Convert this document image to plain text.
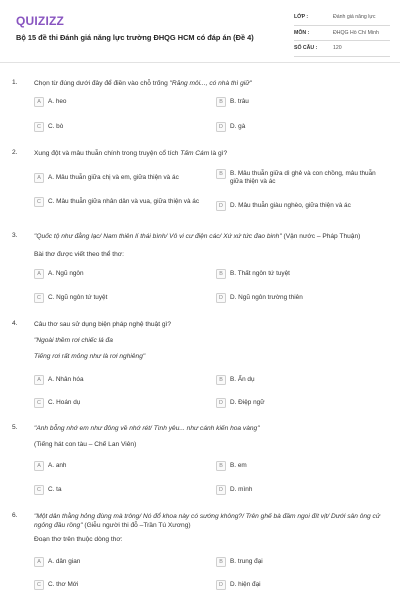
QUIZIZZ
Bộ 15 đề thi Đánh giá năng lực trường ĐHQG HCM có đáp án (Đề 4)
LỚP :	Đánh giá năng lực
MÔN :	ĐHQG Hồ Chí Minh
SỐ CÂU :	120
1.	Chọn từ đúng dưới đây để điền vào chỗ trống "Răng môi..., có nhà thì giữ"
A	A. heo	B	B. trâu
C	C. bò	D	D. gà
2.	Xung đột và mâu thuẫn chính trong truyện cổ tích Tấm Cám là gì?
A	A. Mâu thuẫn giữa chị và em, giữa thiện và ác	B	B. Mâu thuẫn giữa dì ghẻ và con chồng, mâu thuẫn giữa thiện và ác
C	C. Mâu thuẫn giữa nhân dân và vua, giữa thiện và ác
D	D. Mâu thuẫn giàu nghèo, giữa thiện và ác
3.	"Quốc tộ như đằng lạc/ Nam thiên lí thái bình/ Vô vi cư điện các/ Xứ xứ tức đao binh" (Vận nước – Pháp Thuận)
Bài thơ được viết theo thể thơ:
A	A. Ngũ ngôn	B	B. Thất ngôn tứ tuyệt
C	C. Ngũ ngôn tứ tuyệt	D	D. Ngũ ngôn trường thiên
4.	Câu thơ sau sử dụng biện pháp nghệ thuật gì?
"Ngoài thềm rơi chiếc lá đa
Tiếng rơi rất mỏng như là rơi nghiêng"
A	A. Nhân hóa	B	B. Ẩn dụ
C	C. Hoán dụ	D	D. Điệp ngữ
5.	"Anh bỗng nhớ em như đông về nhớ rét/ Tình yêu... như cánh kiến hoa vàng"
(Tiếng hát con tàu – Chế Lan Viên)
A	A. anh	B	B. em
C	C. ta	D	D. mình
6.	"Một dân thằng hỏng đùng mà trông/ Nó đổ khoa này có sướng không?/ Trên ghế bà đầm ngoi đít vịt/ Dưới sân ông cử ngỏng đầu rồng" (Giễu người thi đỗ –Trần Tú Xương)
Đoạn thơ trên thuộc dòng thơ:
A	A. dân gian	B	B. trung đại
C	C. thơ Mới	D	D. hiện đại
